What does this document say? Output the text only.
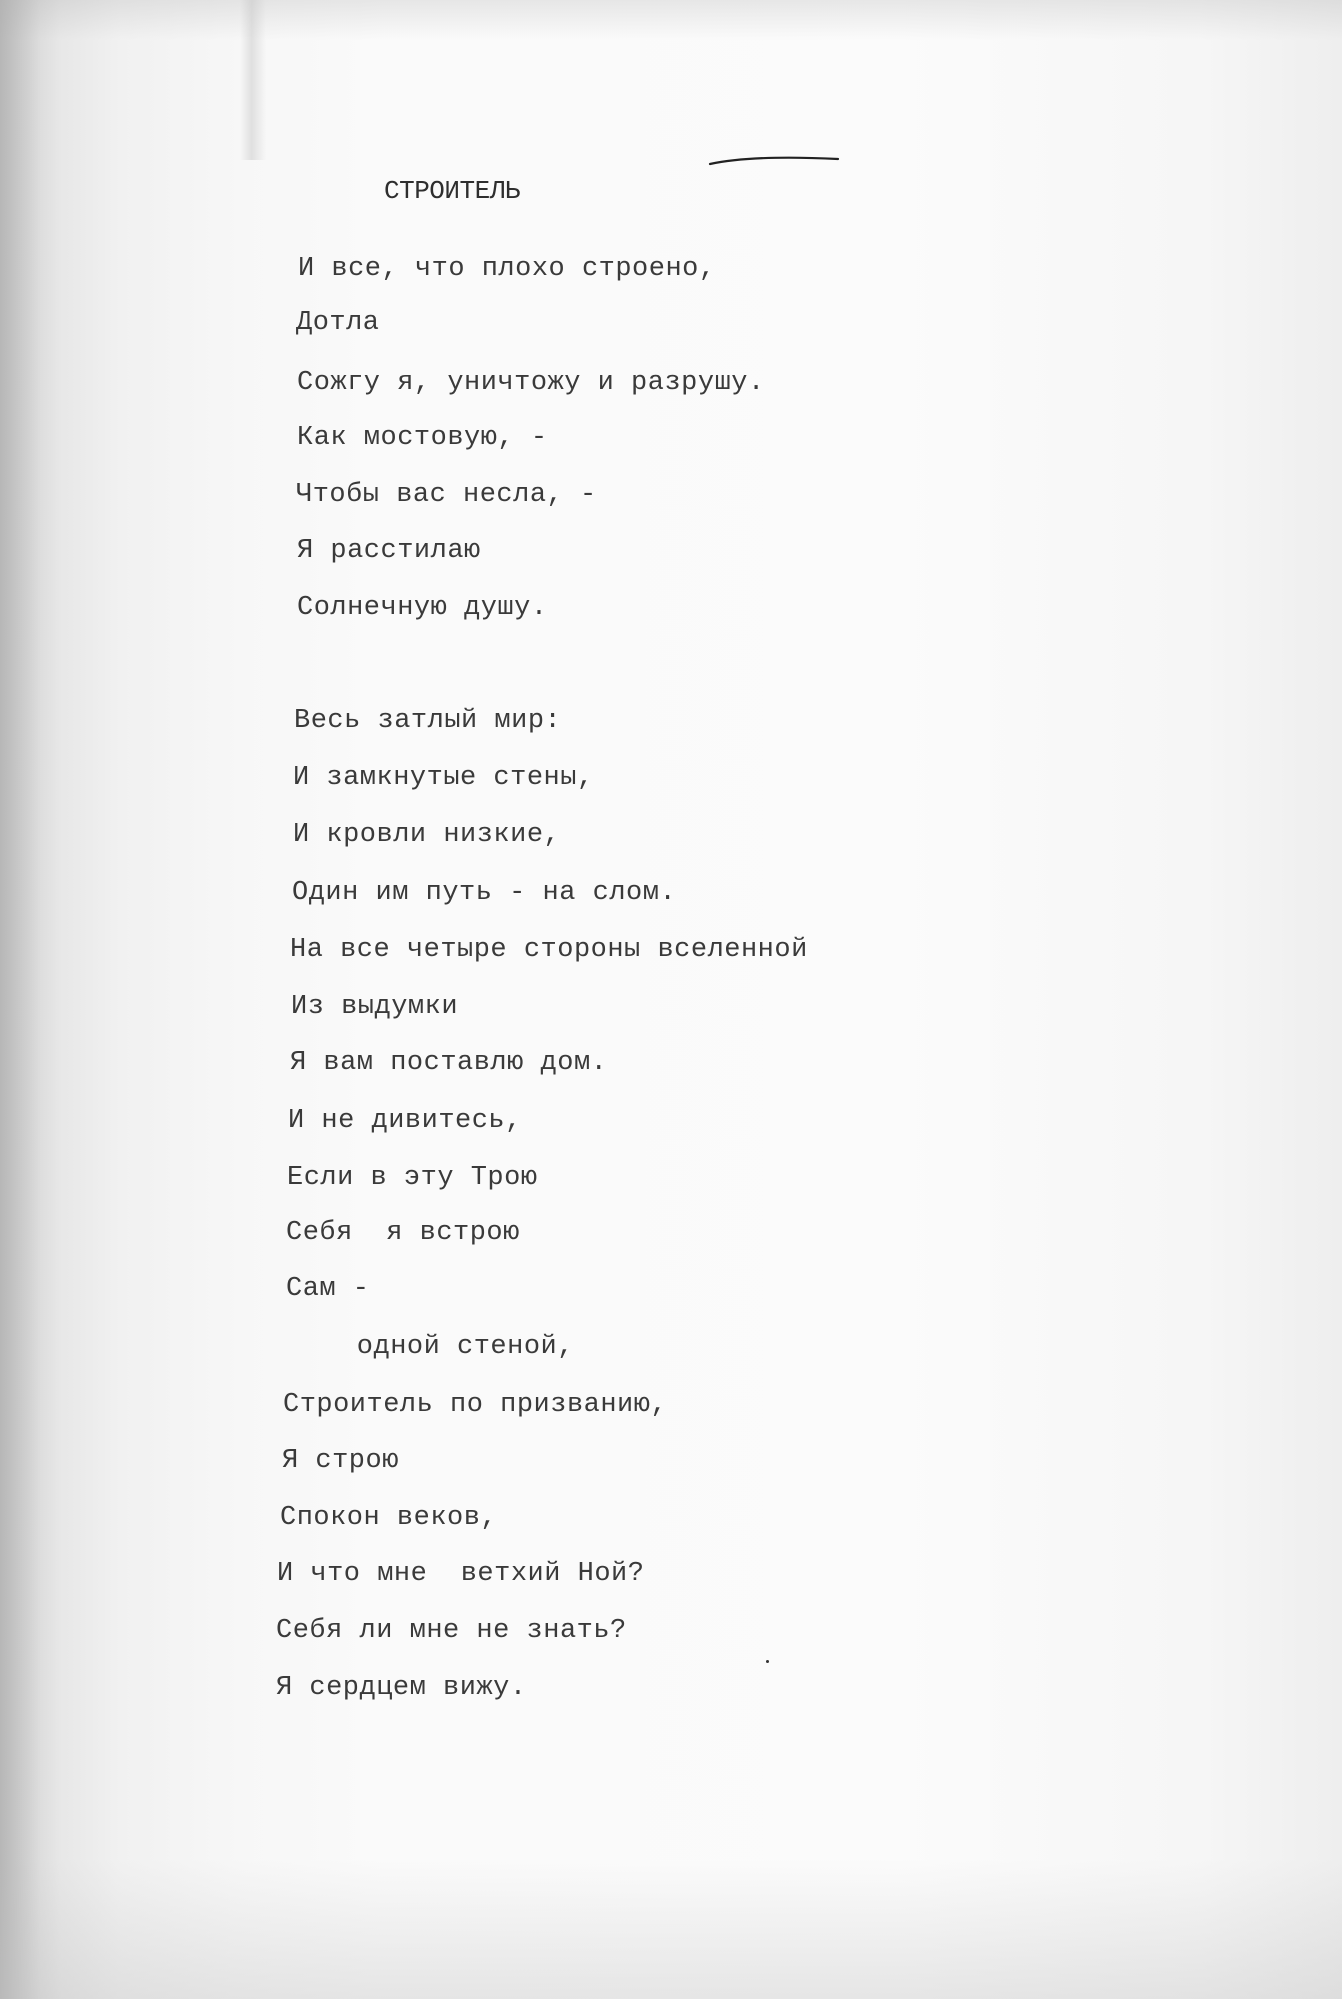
СТРОИТЕЛЬ

И все, что плохо строено,

Дотла

Сожгу я, уничтожу и разрушу.

Как мостовую, -

Чтобы вас несла, -

Я расстилаю

Солнечную душу.

Весь затлый мир:

И замкнутые стены,

И кровли низкие,

Один им путь - на слом.

На все четыре стороны вселенной

Из выдумки

Я вам поставлю дом.

И не дивитесь,

Если в эту Трою

Себя  я встрою

Сам -

одной стеной,

Строитель по призванию,

Я строю

Спокон веков,

И что мне  ветхий Ной?

Себя ли мне не знать?

Я сердцем вижу.
